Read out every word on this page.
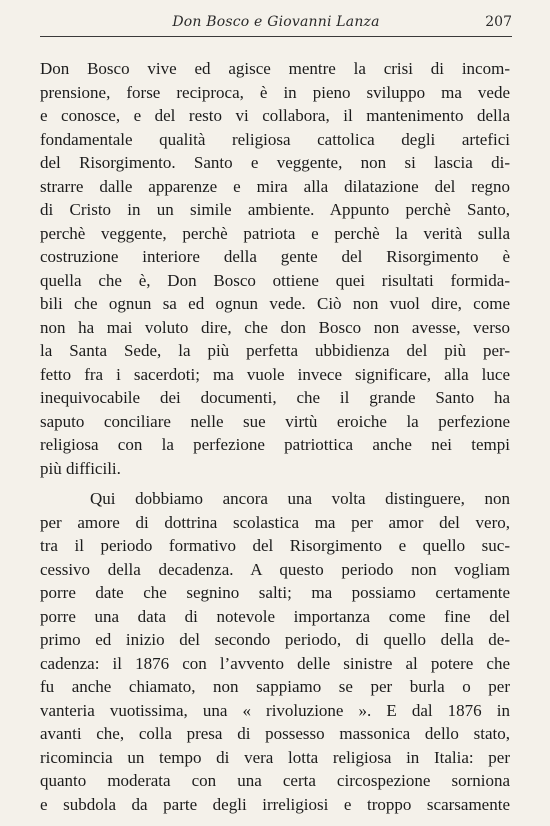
Don Bosco e Giovanni Lanza	207
Don Bosco vive ed agisce mentre la crisi di incom-
prensione, forse reciproca, è in pieno sviluppo ma vede
e conosce, e del resto vi collabora, il mantenimento della
fondamentale qualità religiosa cattolica degli artefici
del Risorgimento. Santo e veggente, non si lascia di-
strarre dalle apparenze e mira alla dilatazione del regno
di Cristo in un simile ambiente. Appunto perchè Santo,
perchè veggente, perchè patriota e perchè la verità sulla
costruzione interiore della gente del Risorgimento è
quella che è, Don Bosco ottiene quei risultati formida-
bili che ognun sa ed ognun vede. Ciò non vuol dire, come
non ha mai voluto dire, che don Bosco non avesse, verso
la Santa Sede, la più perfetta ubbidienza del più per-
fetto fra i sacerdoti; ma vuole invece significare, alla luce
inequivocabile dei documenti, che il grande Santo ha
saputo conciliare nelle sue virtù eroiche la perfezione
religiosa con la perfezione patriottica anche nei tempi
più difficili.
Qui dobbiamo ancora una volta distinguere, non
per amore di dottrina scolastica ma per amor del vero,
tra il periodo formativo del Risorgimento e quello suc-
cessivo della decadenza. A questo periodo non vogliam
porre date che segnino salti; ma possiamo certamente
porre una data di notevole importanza come fine del
primo ed inizio del secondo periodo, di quello della de-
cadenza: il 1876 con l’avvento delle sinistre al potere che
fu anche chiamato, non sappiamo se per burla o per
vanteria vuotissima, una « rivoluzione ». E dal 1876 in
avanti che, colla presa di possesso massonica dello stato,
ricomincia un tempo di vera lotta religiosa in Italia: per
quanto moderata con una certa circospezione sorniona
e subdola da parte degli irreligiosi e troppo scarsamente
